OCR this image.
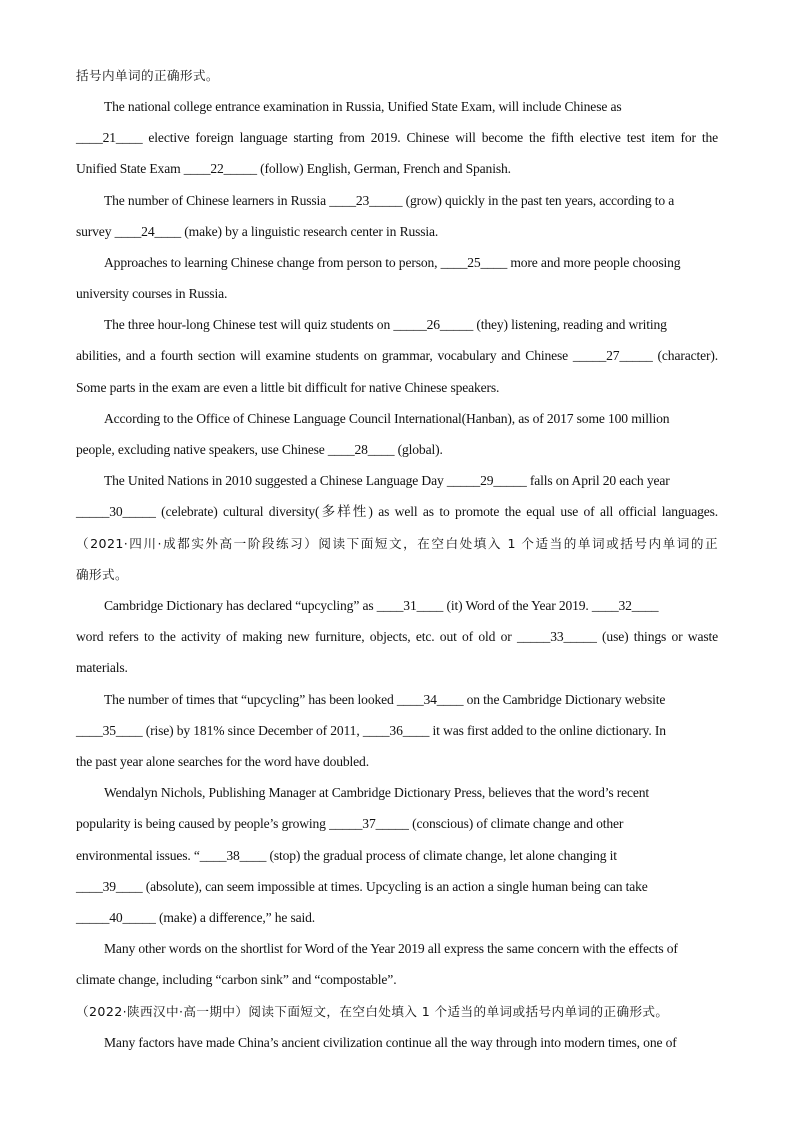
括号内单词的正确形式。
The national college entrance examination in Russia, Unified State Exam, will include Chinese as
____21____ elective foreign language starting from 2019. Chinese will become the fifth elective test item for the
Unified State Exam ____22_____ (follow) English, German, French and Spanish.
The number of Chinese learners in Russia ____23_____ (grow) quickly in the past ten years, according to a
survey ____24____ (make) by a linguistic research center in Russia.
Approaches to learning Chinese change from person to person, ____25____ more and more people choosing
university courses in Russia.
The three hour-long Chinese test will quiz students on _____26_____ (they) listening, reading and writing
abilities, and a fourth section will examine students on grammar, vocabulary and Chinese _____27_____ (character).
Some parts in the exam are even a little bit difficult for native Chinese speakers.
According to the Office of Chinese Language Council International(Hanban), as of 2017 some 100 million
people, excluding native speakers, use Chinese ____28____ (global).
The United Nations in 2010 suggested a Chinese Language Day _____29_____ falls on April 20 each year
_____30_____ (celebrate) cultural diversity(多样性) as well as to promote the equal use of all official languages.
（2021·四川·成都实外高一阶段练习）阅读下面短文，在空白处填入 1 个适当的单词或括号内单词的正
确形式。
Cambridge Dictionary has declared “upcycling” as ____31____ (it) Word of the Year 2019. ____32____
word refers to the activity of making new furniture, objects, etc. out of old or _____33_____ (use) things or waste
materials.
The number of times that “upcycling” has been looked ____34____ on the Cambridge Dictionary website
____35____ (rise) by 181% since December of 2011, ____36____ it was first added to the online dictionary. In
the past year alone searches for the word have doubled.
Wendalyn Nichols, Publishing Manager at Cambridge Dictionary Press, believes that the word’s recent
popularity is being caused by people’s growing _____37_____ (conscious) of climate change and other
environmental issues. “____38____ (stop) the gradual process of climate change, let alone changing it
____39____ (absolute), can seem impossible at times. Upcycling is an action a single human being can take
_____40_____ (make) a difference,” he said.
Many other words on the shortlist for Word of the Year 2019 all express the same concern with the effects of
climate change, including “carbon sink” and “compostable”.
（2022·陕西汉中·高一期中）阅读下面短文，在空白处填入 1 个适当的单词或括号内单词的正确形式。
Many factors have made China’s ancient civilization continue all the way through into modern times, one of
